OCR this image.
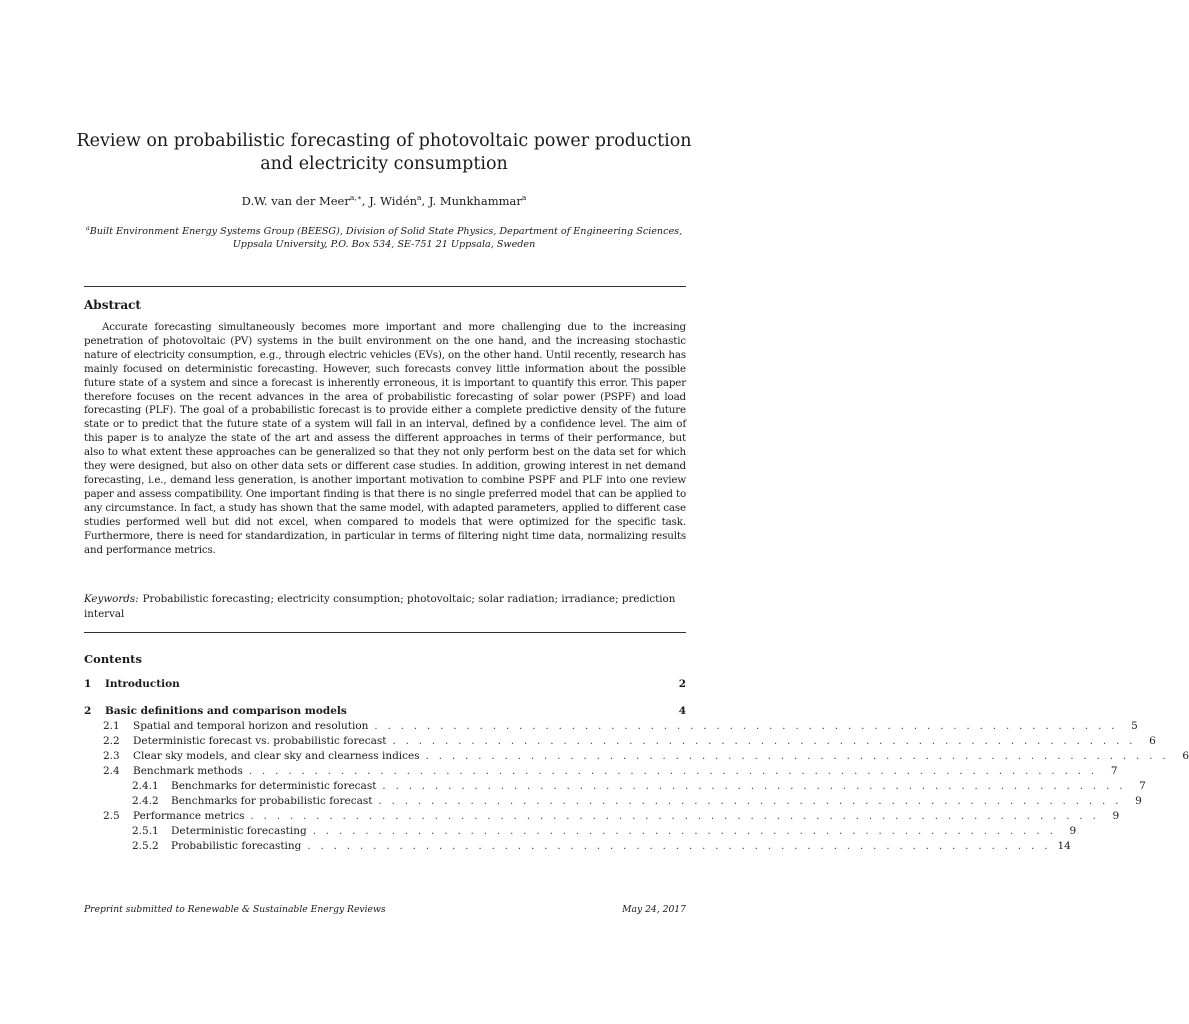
Review on probabilistic forecasting of photovoltaic power production and electricity consumption
D.W. van der Meer$^{a,∗}$, J. Widén$^a$, J. Munkhammar$^a$
$^a$Built Environment Energy Systems Group (BEESG), Division of Solid State Physics, Department of Engineering Sciences, Uppsala University, P.O. Box 534, SE-751 21 Uppsala, Sweden
Abstract
Accurate forecasting simultaneously becomes more important and more challenging due to the increasing penetration of photovoltaic (PV) systems in the built environment on the one hand, and the increasing stochastic nature of electricity consumption, e.g., through electric vehicles (EVs), on the other hand. Until recently, research has mainly focused on deterministic forecasting. However, such forecasts convey little information about the possible future state of a system and since a forecast is inherently erroneous, it is important to quantify this error. This paper therefore focuses on the recent advances in the area of probabilistic forecasting of solar power (PSPF) and load forecasting (PLF). The goal of a probabilistic forecast is to provide either a complete predictive density of the future state or to predict that the future state of a system will fall in an interval, defined by a confidence level. The aim of this paper is to analyze the state of the art and assess the different approaches in terms of their performance, but also to what extent these approaches can be generalized so that they not only perform best on the data set for which they were designed, but also on other data sets or different case studies. In addition, growing interest in net demand forecasting, i.e., demand less generation, is another important motivation to combine PSPF and PLF into one review paper and assess compatibility. One important finding is that there is no single preferred model that can be applied to any circumstance. In fact, a study has shown that the same model, with adapted parameters, applied to different case studies performed well but did not excel, when compared to models that were optimized for the specific task. Furthermore, there is need for standardization, in particular in terms of filtering night time data, normalizing results and performance metrics.
Keywords: Probabilistic forecasting; electricity consumption; photovoltaic; solar radiation; irradiance; prediction interval
Contents
1	Introduction	2
2	Basic definitions and comparison models	4
2.1	Spatial and temporal horizon and resolution . . . . . . . . . . . . . . . . . . . . . . . . . . . . . . . . . . . . . . . . . . . . . . . . . . . . . . . . .	5
2.2	Deterministic forecast vs. probabilistic forecast . . . . . . . . . . . . . . . . . . . . . . . . . . . . . . . . . . . . . . . . . . . . . . . . . . . . . . . . .	6
2.3	Clear sky models, and clear sky and clearness indices . . . . . . . . . . . . . . . . . . . . . . . . . . . . . . . . . . . . . . . . . . . . . . . . . . . . . . . . .	6
2.4	Benchmark methods . . . . . . . . . . . . . . . . . . . . . . . . . . . . . . . . . . . . . . . . . . . . . . . . . . . . . . . . . . . . . . . . .	7
2.4.1	Benchmarks for deterministic forecast . . . . . . . . . . . . . . . . . . . . . . . . . . . . . . . . . . . . . . . . . . . . . . . . . . . . . . . . .	7
2.4.2	Benchmarks for probabilistic forecast . . . . . . . . . . . . . . . . . . . . . . . . . . . . . . . . . . . . . . . . . . . . . . . . . . . . . . . . .	9
2.5	Performance metrics . . . . . . . . . . . . . . . . . . . . . . . . . . . . . . . . . . . . . . . . . . . . . . . . . . . . . . . . . . . . . . . . .	9
2.5.1	Deterministic forecasting . . . . . . . . . . . . . . . . . . . . . . . . . . . . . . . . . . . . . . . . . . . . . . . . . . . . . . . . .	9
2.5.2	Probabilistic forecasting . . . . . . . . . . . . . . . . . . . . . . . . . . . . . . . . . . . . . . . . . . . . . . . . . . . . . . . . . 14
Preprint submitted to Renewable & Sustainable Energy Reviews	May 24, 2017
